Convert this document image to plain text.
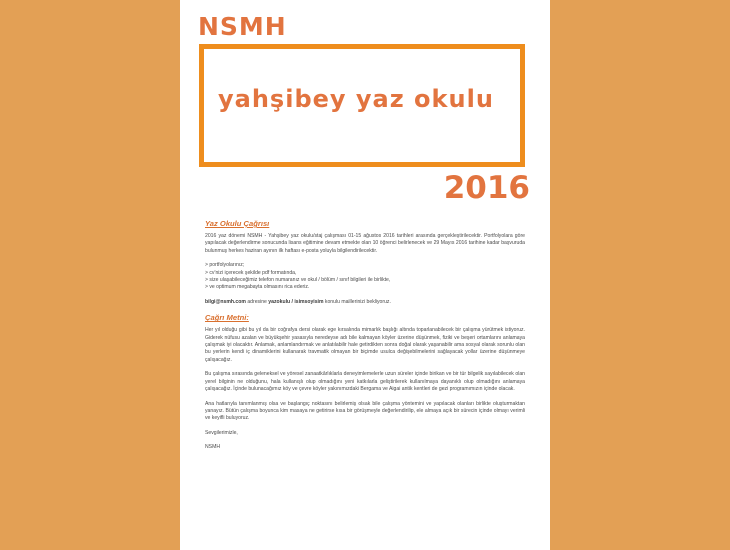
NSMH
yahşibey yaz okulu
2016
Yaz Okulu Çağrısı

2016 yaz dönemi NSMH - Yahşibey yaz okulu/staj çalışması 01-15 ağustos 2016 tarihleri arasında gerçekleştirilecektir. Portfolyolara göre yapılacak değerlendirme sonucunda lisans eğitimine devam etmekte olan 10 öğrenci belirlenecek ve 29 Mayıs 2016 tarihine kadar başvuruda bulunmuş herkes haziran ayının ilk haftası e-posta yoluyla bilgilendirilecektir.

> portfolyolarınız;
> cv'nizi içerecek şekilde pdf formatında,
> size ulaşabileceğimiz telefon numaranız ve okul / bölüm / sınıf bilgileri ile birlikte,
> ve optimum megabayta olmasını rica ederiz.

bilgi@nsmh.com adresine yazokulu / isimsoyisim konulu maillerinizi bekliyoruz.

Çağrı Metni:

Her yıl olduğu gibi bu yıl da bir coğrafya dersi olarak ege kırsalında mimarlık başlığı altında toparlanabilecek bir çalışma yürütmek istiyoruz. Giderek nüfusu azalan ve büyükşehir yasasıyla neredeyse adı bile kalmayan köyler üzerine düşünmek, fiziki ve beşeri ortamlarını anlamaya çalışmak iyi olacaktır. Anlamak, anlamlandırmak ve anlatılabilir hale getirdikten sonra doğal olarak yaşanabilir ama sosyal olarak sorunlu olan bu yerlerin kendi iç dinamiklerini kullanarak travmatik olmayan bir biçimde usulca değişebilmelerini sağlayacak yollar üzerine düşünmeye çalışacağız.

Bu çalışma sırasında geleneksel ve yöresel zanaatkârlıklarla deneyimlemelerle uzun süreler içinde birikan ve bir tür bilgelik sayılabilecek olan yerel bilginin ne olduğunu, hala kullanışlı olup olmadığını yeni katkılarla geliştirilerek kullanılmaya dayanıklı olup olmadığını anlamaya çalışacağız. İçinde bulunacağımız köy ve çevre köyler yakınımızdaki Bergama ve Aigai antik kentleri de gezi programımızın içinde olacak.

Ana hatlarıyla tanımlanmış olsa ve başlangıç noktasını belirlemiş olsak bile çalışma yöntemini ve yapılacak olanları birlikte oluşturmaktan yanayız. Bütün çalışma boyunca kim masaya ne getirirse kısa bir görüşmeyle değerlendirilip, ele almaya açık bir sürecin içinde olmayı verimli ve keyifli buluyoruz.

Sevgilerimizle,

NSMH
